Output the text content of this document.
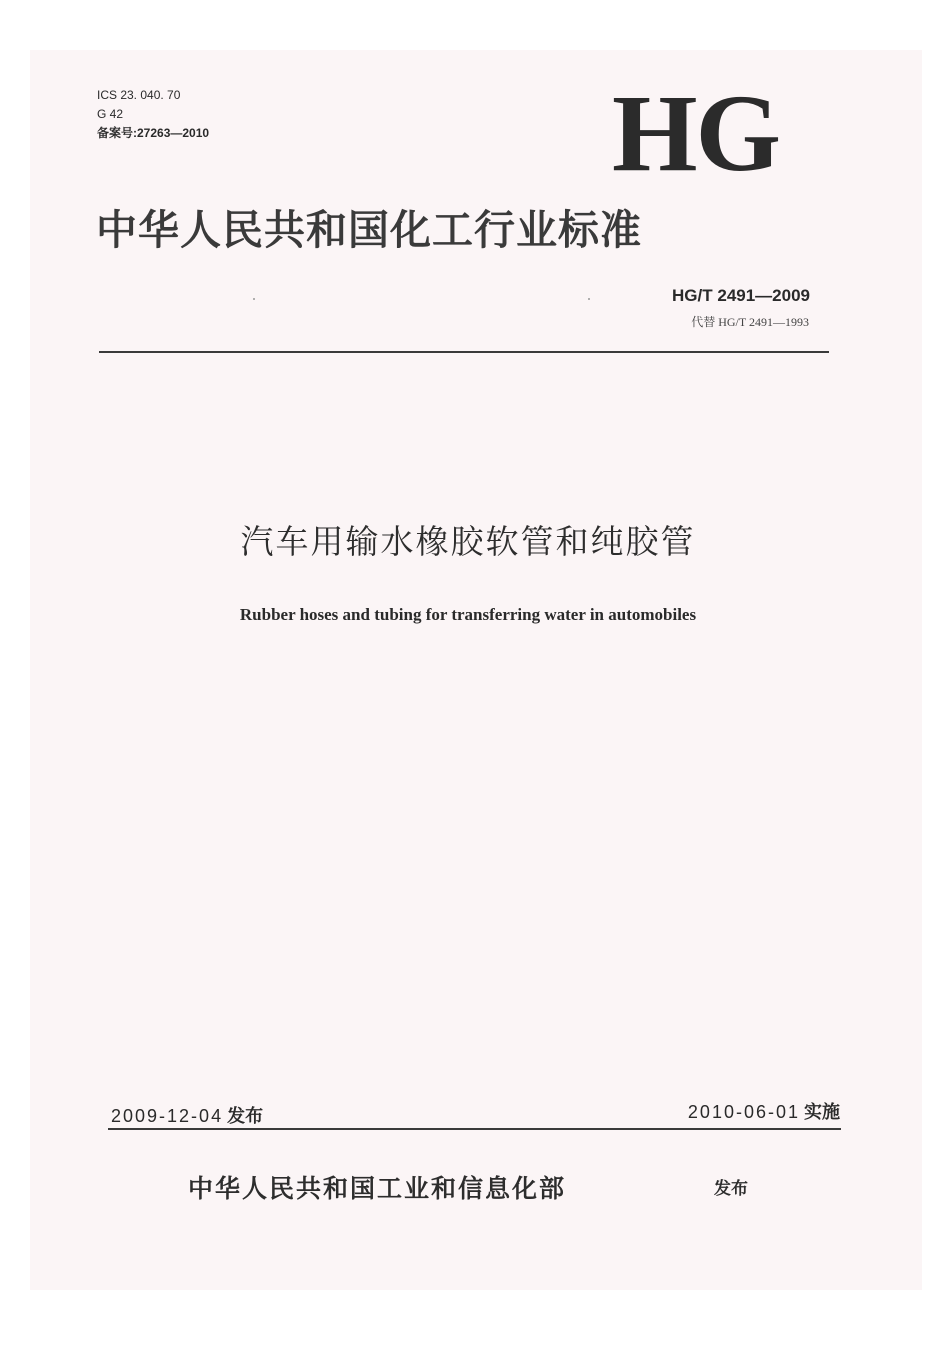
ICS 23. 040. 70
G 42
备案号:27263—2010	HG
中华人民共和国化工行业标准
HG/T 2491—2009
代替 HG/T 2491—1993
汽车用输水橡胶软管和纯胶管
Rubber hoses and tubing for transferring water in automobiles
2009-12-04 发布	2010-06-01 实施
中华人民共和国工业和信息化部	发布
